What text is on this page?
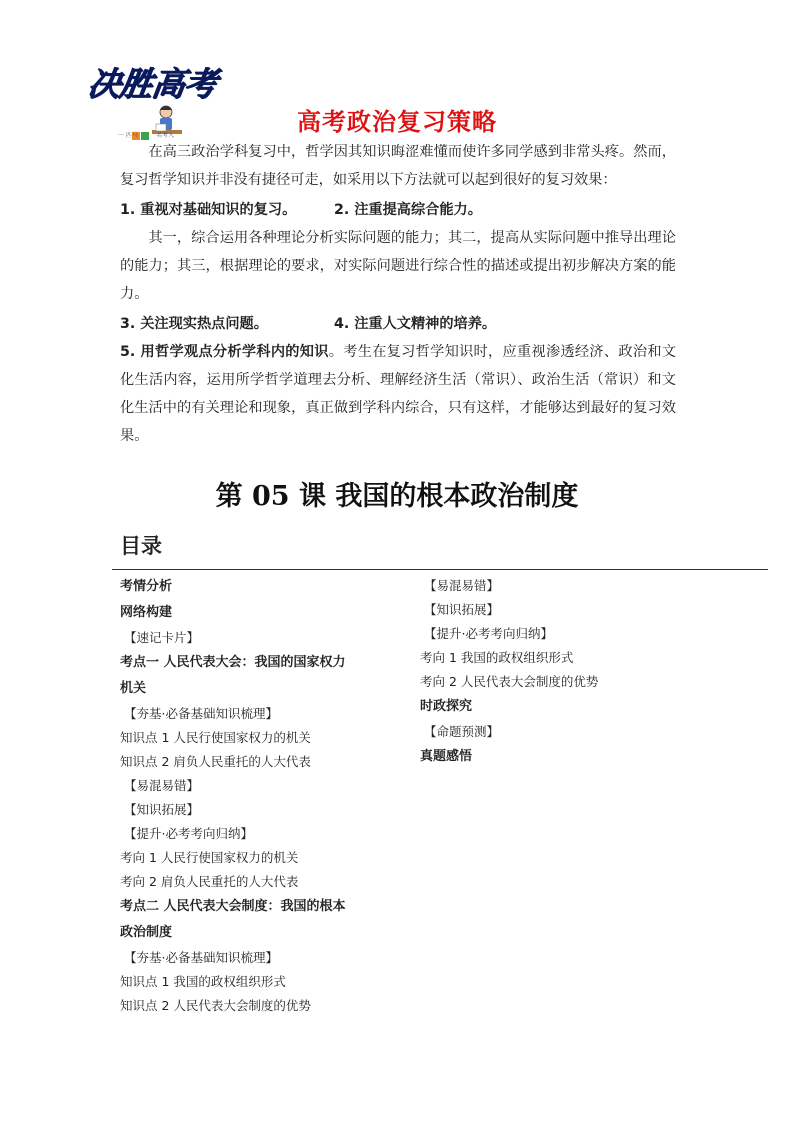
决胜高考
一 匹马	名考入	高考政治复习策略
在高三政治学科复习中，哲学因其知识晦涩难懂而使许多同学感到非常头疼。然而，复习哲学知识并非没有捷径可走，如采用以下方法就可以起到很好的复习效果：
1. 重视对基础知识的复习。	2. 注重提高综合能力。
其一，综合运用各种理论分析实际问题的能力；其二，提高从实际问题中推导出理论的能力；其三，根据理论的要求，对实际问题进行综合性的描述或提出初步解决方案的能力。
3. 关注现实热点问题。	4. 注重人文精神的培养。
5. 用哲学观点分析学科内的知识。考生在复习哲学知识时，应重视渗透经济、政治和文化生活内容，运用所学哲学道理去分析、理解经济生活（常识）、政治生活（常识）和文化生活中的有关理论和现象，真正做到学科内综合，只有这样，才能够达到最好的复习效果。
第 05 课 我国的根本政治制度
目录
考情分析
网络构建
【速记卡片】
考点一 人民代表大会：我国的国家权力
机关
【夯基·必备基础知识梳理】
知识点 1 人民行使国家权力的机关
知识点 2 肩负人民重托的人大代表
【易混易错】
【知识拓展】
【提升·必考考向归纳】
考向 1 人民行使国家权力的机关
考向 2 肩负人民重托的人大代表
考点二 人民代表大会制度：我国的根本
政治制度
【夯基·必备基础知识梳理】
知识点 1 我国的政权组织形式
知识点 2 人民代表大会制度的优势
【易混易错】
【知识拓展】
【提升·必考考向归纳】
考向 1 我国的政权组织形式
考向 2 人民代表大会制度的优势
时政探究
【命题预测】
真题感悟
